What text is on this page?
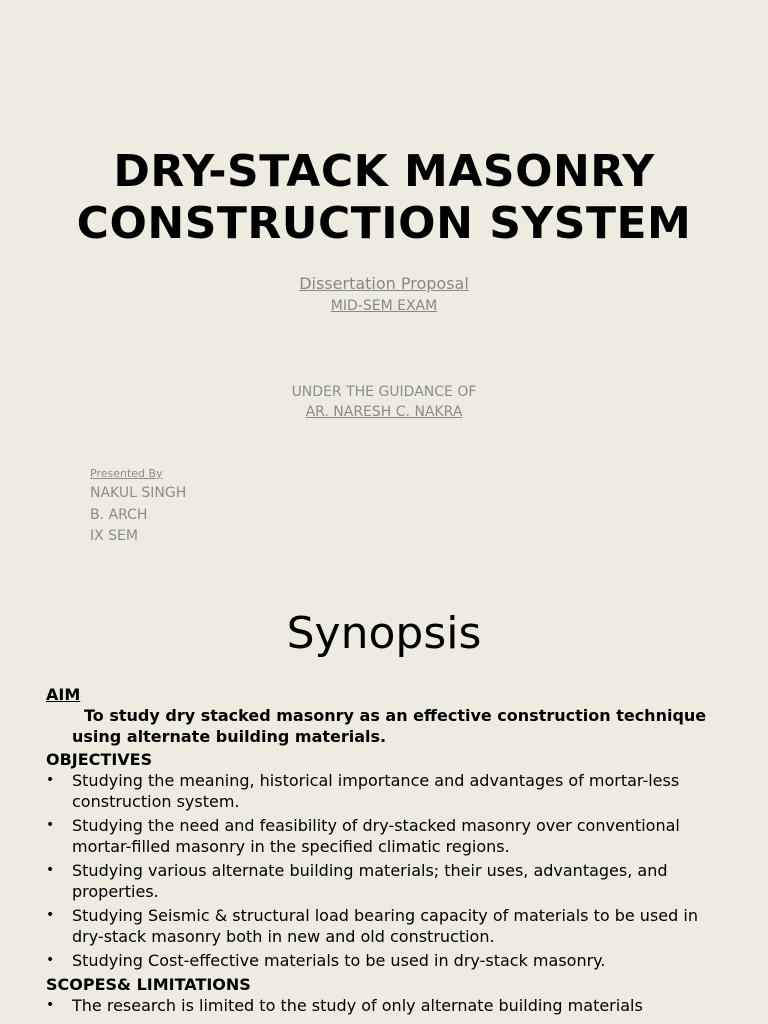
DRY-STACK MASONRY
CONSTRUCTION SYSTEM
Dissertation Proposal
MID-SEM EXAM
UNDER THE GUIDANCE OF
AR. NARESH C. NAKRA
Presented By
NAKUL SINGH
B. ARCH
IX SEM
Synopsis
AIM
To study dry stacked masonry as an effective construction technique using alternate building materials.
OBJECTIVES
• Studying the meaning, historical importance and advantages of mortar-less construction system.
• Studying the need and feasibility of dry-stacked masonry over conventional mortar-filled masonry in the specified climatic regions.
• Studying various alternate building materials; their uses, advantages, and properties.
• Studying Seismic & structural load bearing capacity of materials to be used in dry-stack masonry both in new and old construction.
• Studying Cost-effective materials to be used in dry-stack masonry.
SCOPES& LIMITATIONS
• The research is limited to the study of only alternate building materials
